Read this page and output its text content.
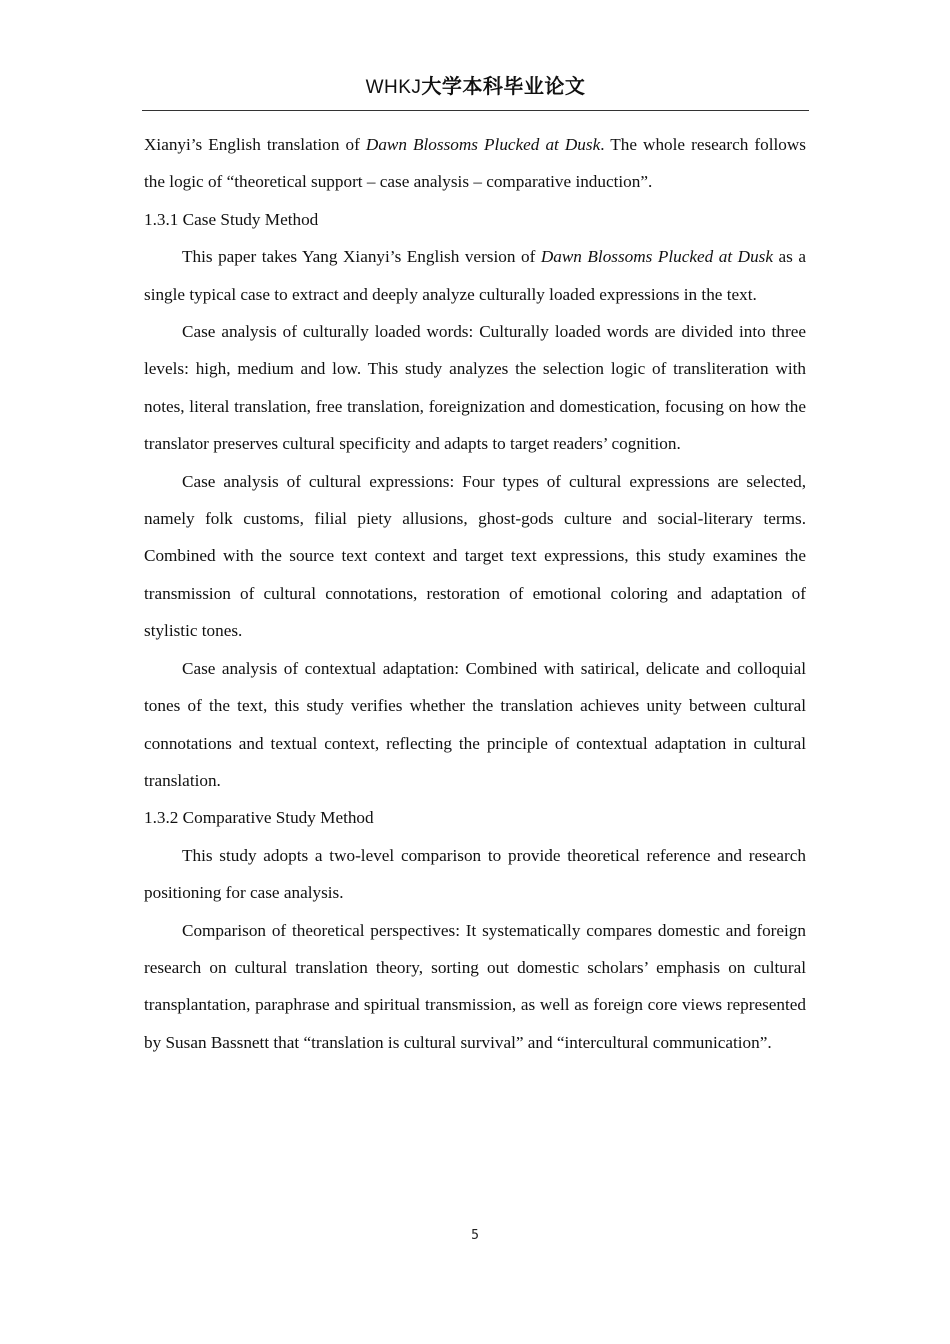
WHKJ大学本科毕业论文

Xianyi’s English translation of Dawn Blossoms Plucked at Dusk. The whole research follows the logic of “theoretical support – case analysis – comparative induction”.

1.3.1 Case Study Method

This paper takes Yang Xianyi’s English version of Dawn Blossoms Plucked at Dusk as a single typical case to extract and deeply analyze culturally loaded expressions in the text.

Case analysis of culturally loaded words: Culturally loaded words are divided into three levels: high, medium and low. This study analyzes the selection logic of transliteration with notes, literal translation, free translation, foreignization and domestication, focusing on how the translator preserves cultural specificity and adapts to target readers’ cognition.

Case analysis of cultural expressions: Four types of cultural expressions are selected, namely folk customs, filial piety allusions, ghost-gods culture and social-literary terms. Combined with the source text context and target text expressions, this study examines the transmission of cultural connotations, restoration of emotional coloring and adaptation of stylistic tones.

Case analysis of contextual adaptation: Combined with satirical, delicate and colloquial tones of the text, this study verifies whether the translation achieves unity between cultural connotations and textual context, reflecting the principle of contextual adaptation in cultural translation.

1.3.2 Comparative Study Method

This study adopts a two-level comparison to provide theoretical reference and research positioning for case analysis.

Comparison of theoretical perspectives: It systematically compares domestic and foreign research on cultural translation theory, sorting out domestic scholars’ emphasis on cultural transplantation, paraphrase and spiritual transmission, as well as foreign core views represented by Susan Bassnett that “translation is cultural survival” and “intercultural communication”.

5
